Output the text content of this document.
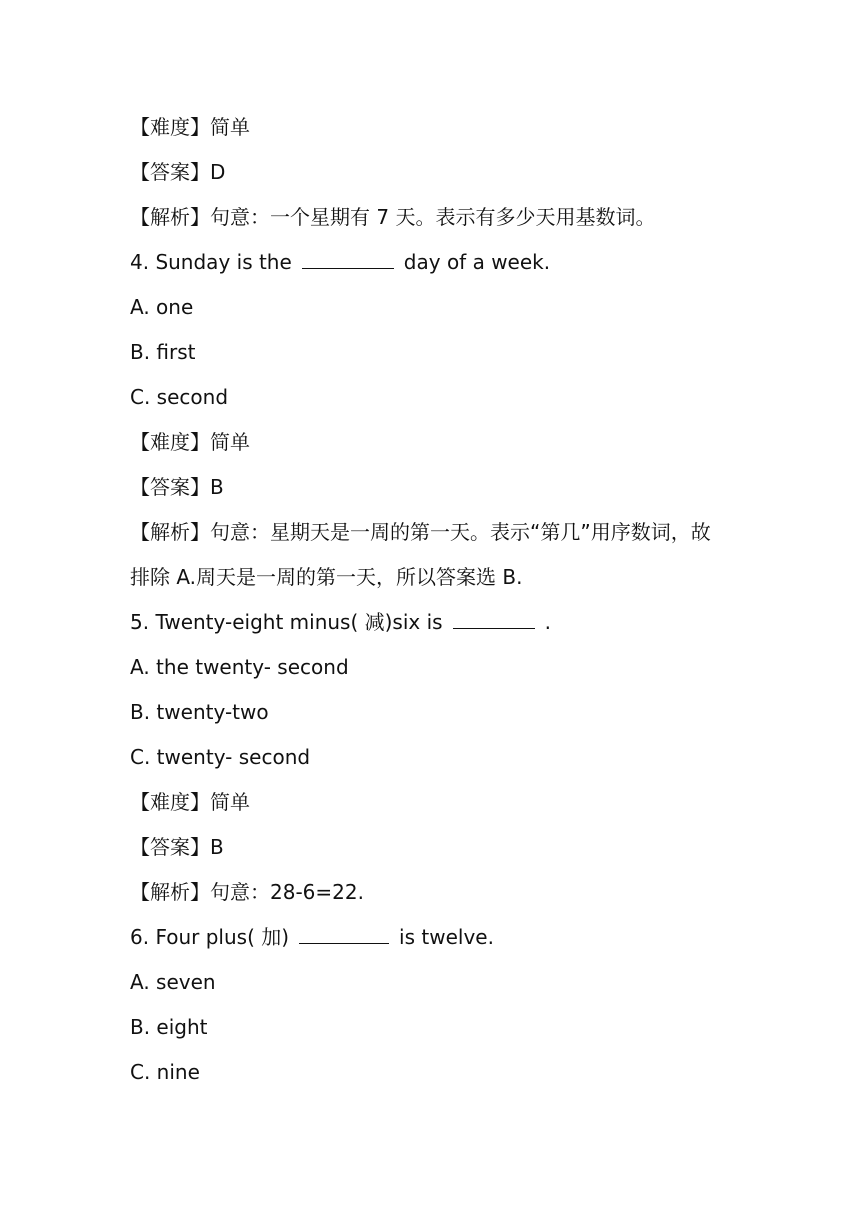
【难度】简单
【答案】D
【解析】句意：一个星期有 7 天。表示有多少天用基数词。
4. Sunday is the	day of a week.
A. one
B. first
C. second
【难度】简单
【答案】B
【解析】句意：星期天是一周的第一天。表示“第几”用序数词，故
排除 A.周天是一周的第一天，所以答案选 B.
5. Twenty-eight minus( 减)six is	.
A. the twenty- second
B. twenty-two
C. twenty- second
【难度】简单
【答案】B
【解析】句意：28-6=22.
6. Four plus( 加)	is twelve.
A. seven
B. eight
C. nine
